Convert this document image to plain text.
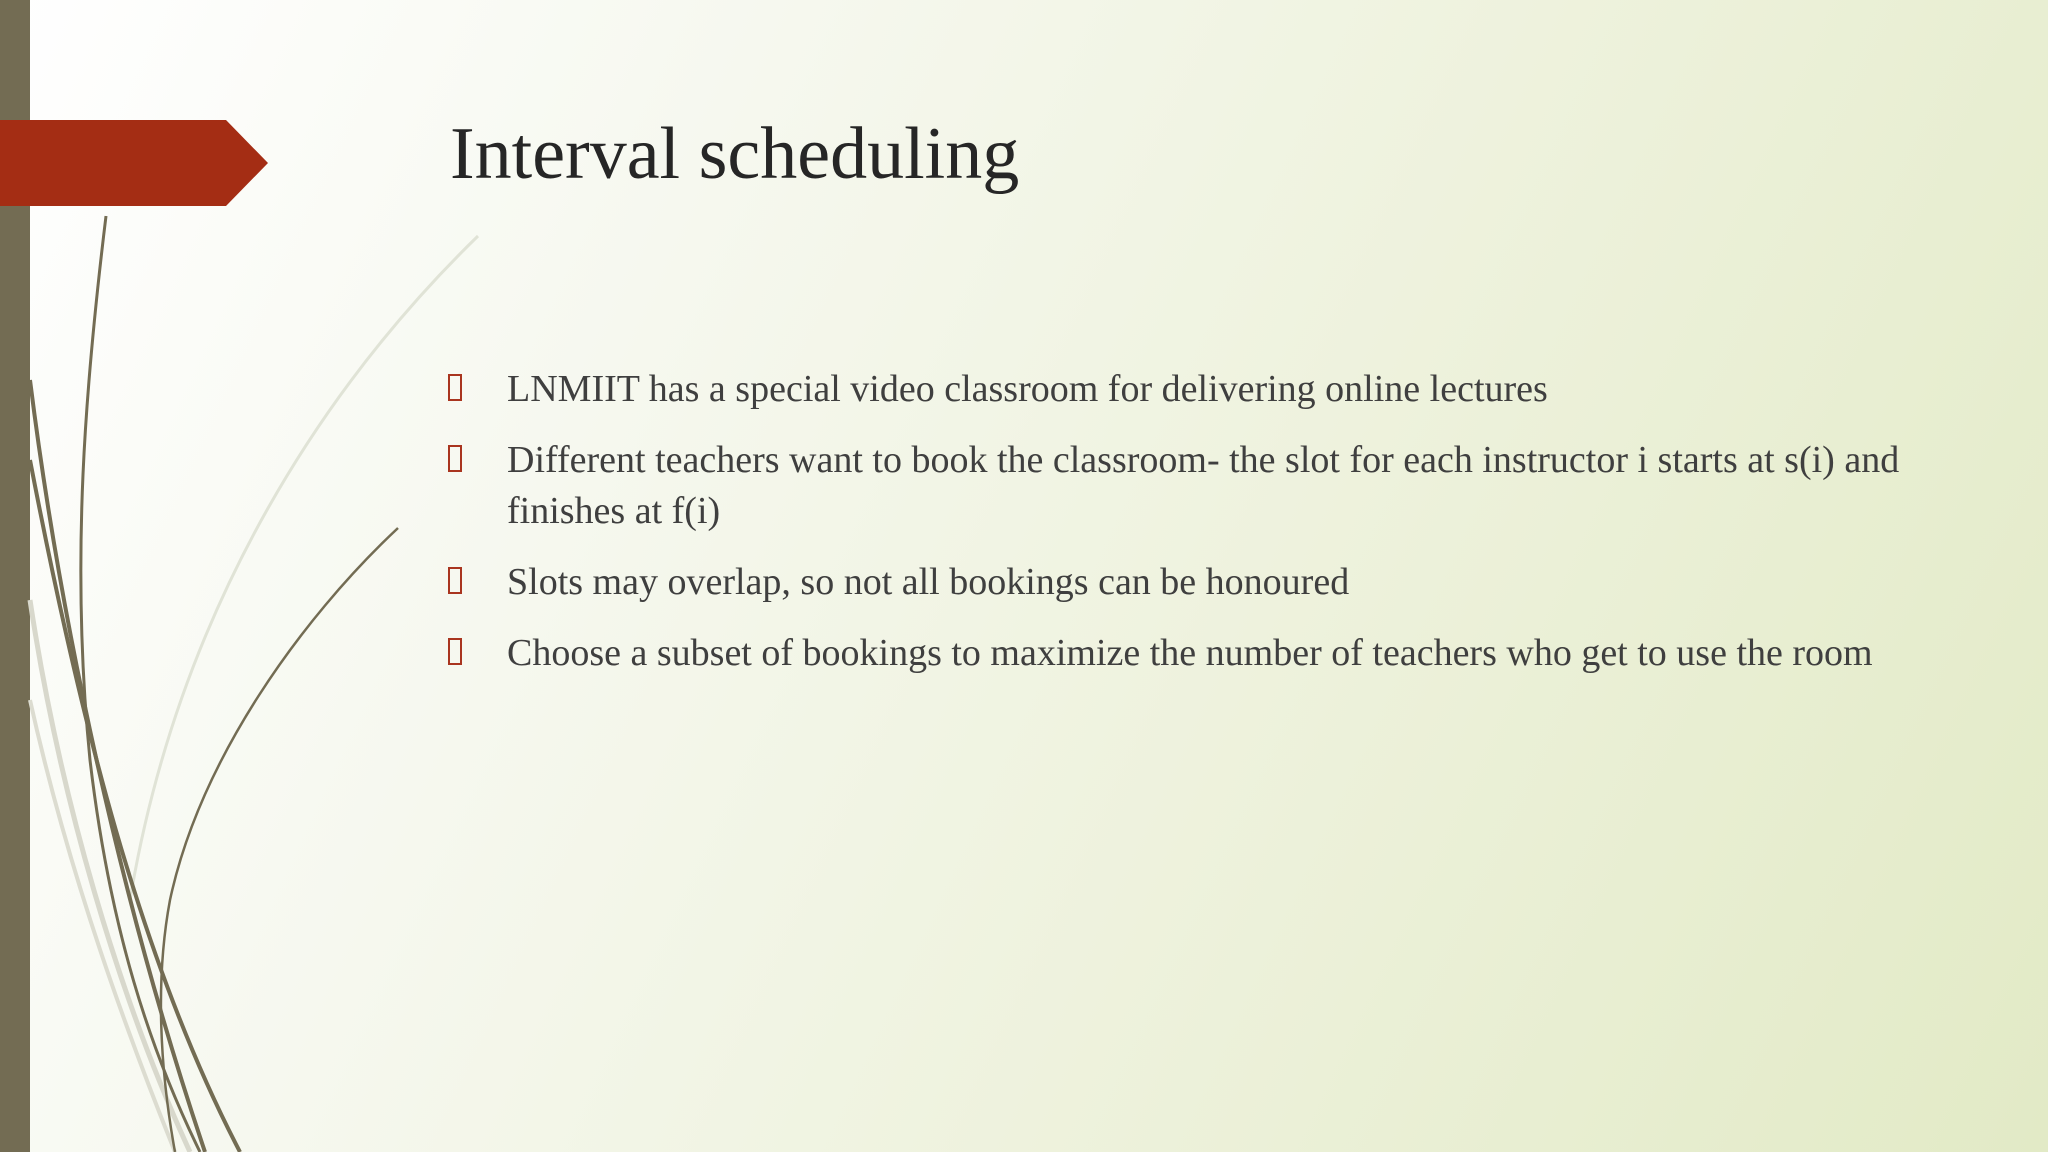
Interval scheduling
LNMIIT has a special video classroom for delivering online lectures
Different teachers want to book the classroom- the slot for each instructor i starts at s(i) and finishes at f(i)
Slots may overlap, so not all bookings can be honoured
Choose a subset of bookings to maximize the number of teachers who get to use the room
